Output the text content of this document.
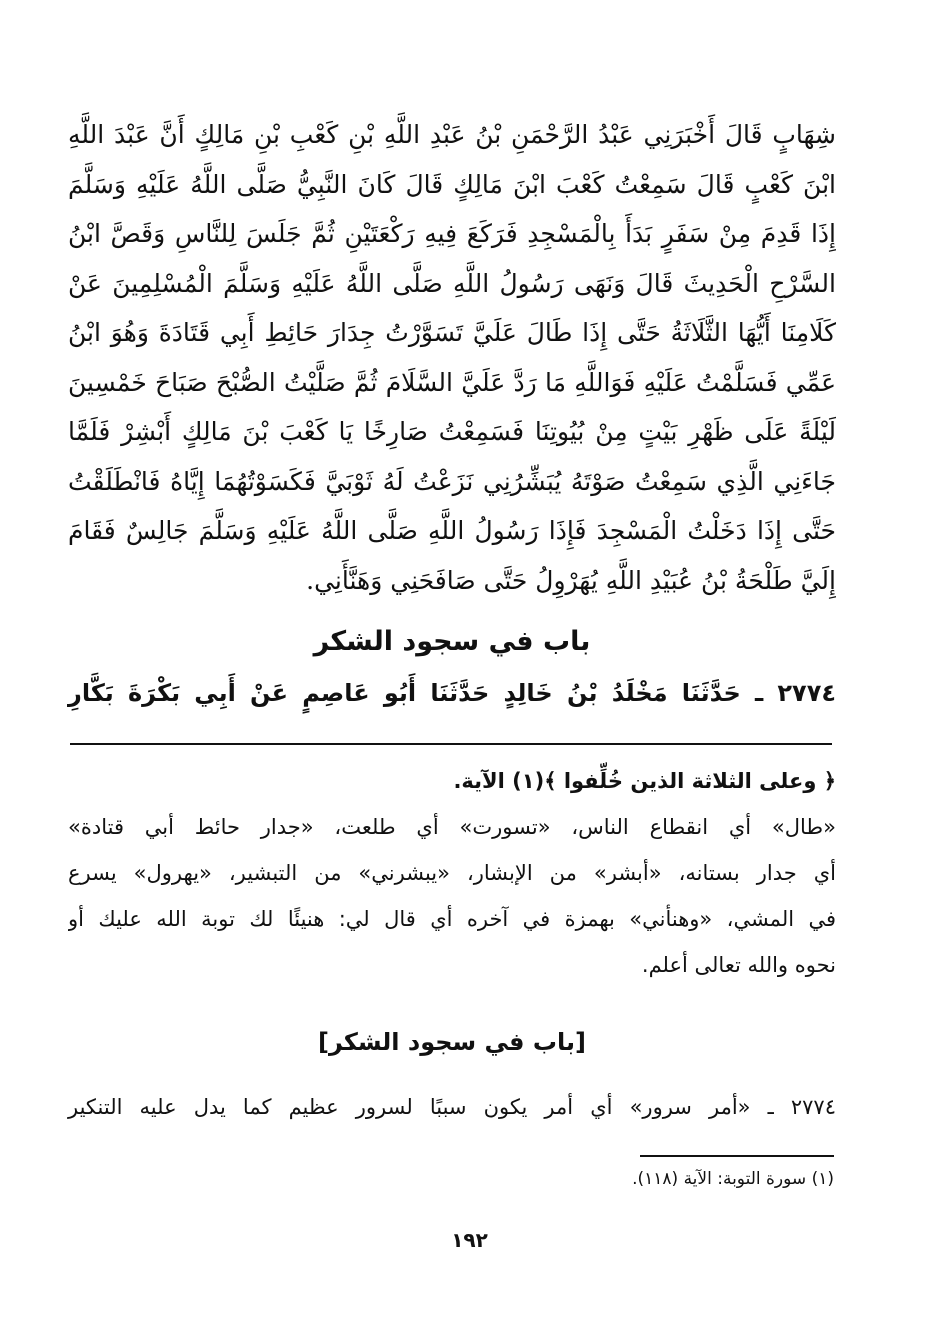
شِهَابٍ قَالَ أَخْبَرَنِي عَبْدُ الرَّحْمَنِ بْنُ عَبْدِ اللَّهِ بْنِ كَعْبِ بْنِ مَالِكٍ أَنَّ عَبْدَ اللَّهِ
ابْنَ كَعْبٍ قَالَ سَمِعْتُ كَعْبَ ابْنَ مَالِكٍ قَالَ كَانَ النَّبِيُّ صَلَّى اللَّهُ عَلَيْهِ وَسَلَّمَ
إِذَا قَدِمَ مِنْ سَفَرٍ بَدَأَ بِالْمَسْجِدِ فَرَكَعَ فِيهِ رَكْعَتَيْنِ ثُمَّ جَلَسَ لِلنَّاسِ وَقَصَّ ابْنُ
السَّرْحِ الْحَدِيثَ قَالَ وَنَهَى رَسُولُ اللَّهِ صَلَّى اللَّهُ عَلَيْهِ وَسَلَّمَ الْمُسْلِمِينَ عَنْ
كَلَامِنَا أَيُّهَا الثَّلَاثَةُ حَتَّى إِذَا طَالَ عَلَيَّ تَسَوَّرْتُ جِدَارَ حَائِطِ أَبِي قَتَادَةَ وَهُوَ ابْنُ
عَمِّي فَسَلَّمْتُ عَلَيْهِ فَوَاللَّهِ مَا رَدَّ عَلَيَّ السَّلَامَ ثُمَّ صَلَّيْتُ الصُّبْحَ صَبَاحَ خَمْسِينَ
لَيْلَةً عَلَى ظَهْرِ بَيْتٍ مِنْ بُيُوتِنَا فَسَمِعْتُ صَارِخًا يَا كَعْبَ بْنَ مَالِكٍ أَبْشِرْ فَلَمَّا
جَاءَنِي الَّذِي سَمِعْتُ صَوْتَهُ يُبَشِّرُنِي نَزَعْتُ لَهُ ثَوْبَيَّ فَكَسَوْتُهُمَا إِيَّاهُ فَانْطَلَقْتُ
حَتَّى إِذَا دَخَلْتُ الْمَسْجِدَ فَإِذَا رَسُولُ اللَّهِ صَلَّى اللَّهُ عَلَيْهِ وَسَلَّمَ جَالِسٌ فَقَامَ
إِلَيَّ طَلْحَةُ بْنُ عُبَيْدِ اللَّهِ يُهَرْوِلُ حَتَّى صَافَحَنِي وَهَنَّأَنِي.
باب في سجود الشكر
٢٧٧٤ ـ حَدَّثَنَا مَخْلَدُ بْنُ خَالِدٍ حَدَّثَنَا أَبُو عَاصِمٍ عَنْ أَبِي بَكْرَةَ بَكَّارِ
﴿ وعلى الثلاثة الذين خُلِّفوا ﴾(١) الآية.
«طال» أي انقطاع الناس، «تسورت» أي طلعت، «جدار حائط أبي قتادة»
أي جدار بستانه، «أبشر» من الإبشار، «يبشرني» من التبشير، «يهرول» يسرع
في المشي، «وهنأني» بهمزة في آخره أي قال لي: هنيئًا لك توبة الله عليك أو
نحوه والله تعالى أعلم.
[باب في سجود الشكر]
٢٧٧٤ ـ «أمر سرور» أي أمر يكون سببًا لسرور عظيم كما يدل عليه التنكير
(١) سورة التوبة: الآية (١١٨).
١٩٢
